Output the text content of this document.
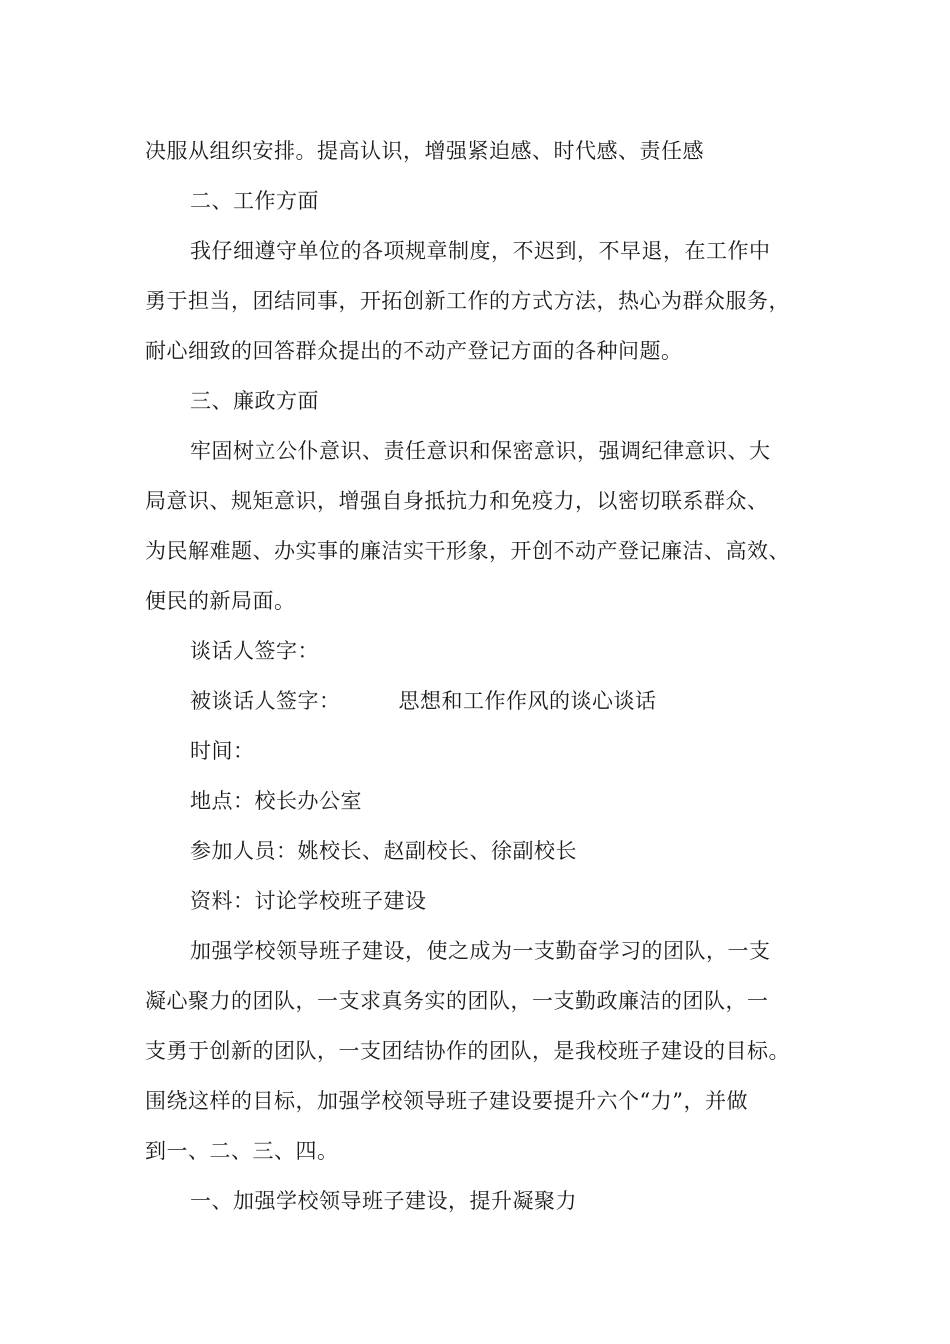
决服从组织安排。提高认识，增强紧迫感、时代感、责任感
二、工作方面
我仔细遵守单位的各项规章制度，不迟到，不早退，在工作中
勇于担当，团结同事，开拓创新工作的方式方法，热心为群众服务，
耐心细致的回答群众提出的不动产登记方面的各种问题。
三、廉政方面
牢固树立公仆意识、责任意识和保密意识，强调纪律意识、大
局意识、规矩意识，增强自身抵抗力和免疫力，以密切联系群众、
为民解难题、办实事的廉洁实干形象，开创不动产登记廉洁、高效、
便民的新局面。
谈话人签字：
被谈话人签字：	思想和工作作风的谈心谈话
时间：
地点：校长办公室
参加人员：姚校长、赵副校长、徐副校长
资料：讨论学校班子建设
加强学校领导班子建设，使之成为一支勤奋学习的团队，一支
凝心聚力的团队，一支求真务实的团队，一支勤政廉洁的团队，一
支勇于创新的团队，一支团结协作的团队，是我校班子建设的目标。
围绕这样的目标，加强学校领导班子建设要提升六个“力”，并做
到一、二、三、四。
一、加强学校领导班子建设，提升凝聚力
